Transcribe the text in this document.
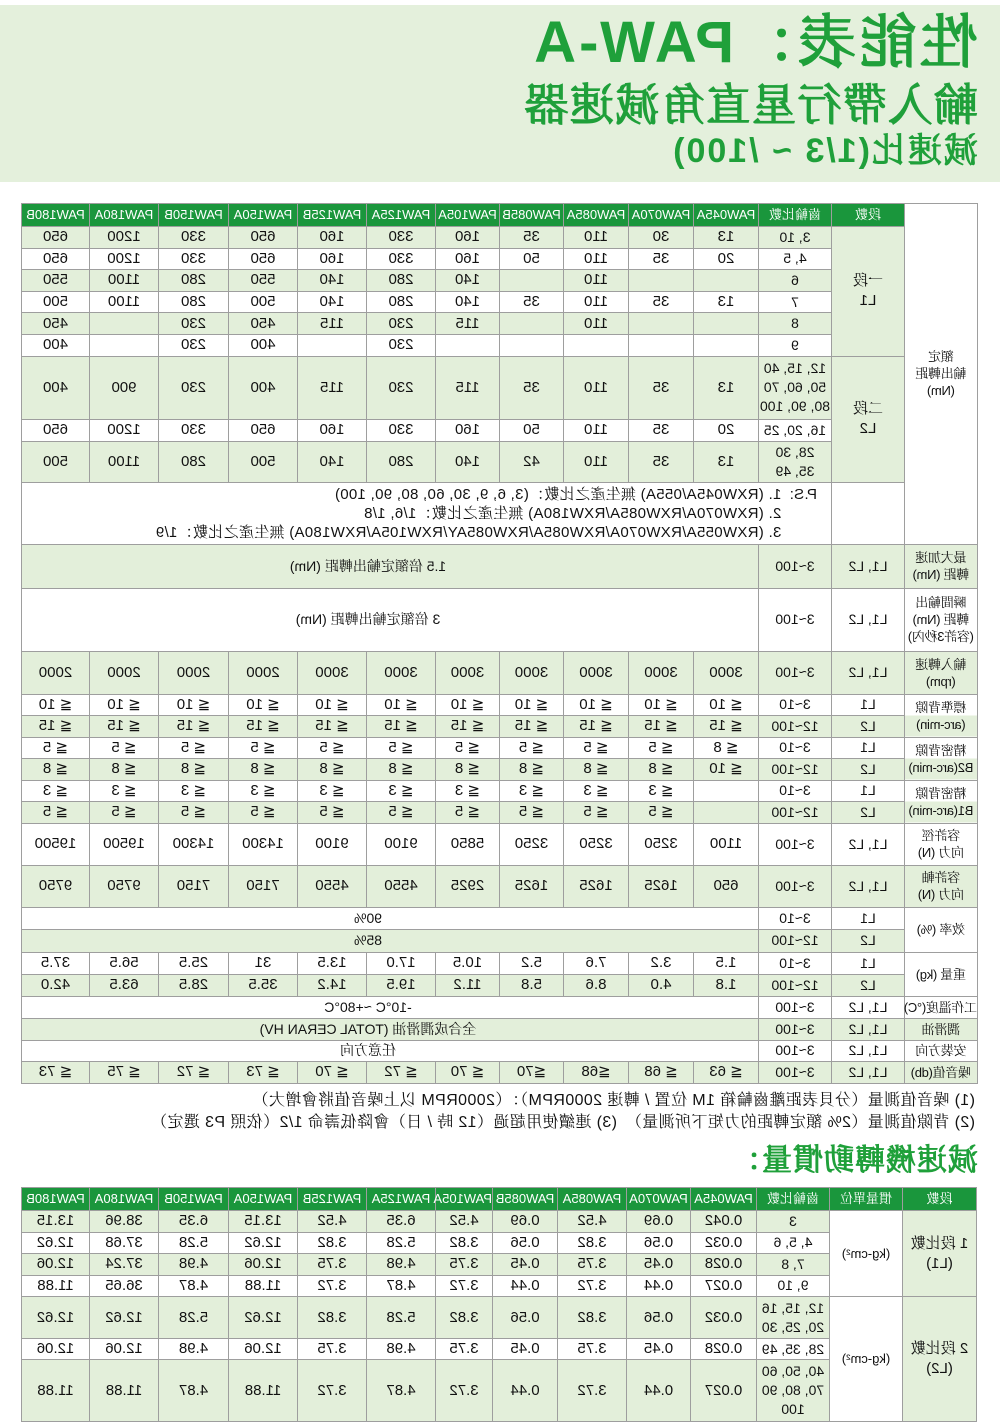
性能表：PAW-A
輸入帶行星直角減速器
減速比(1/3 ~ /100)
額定
輸出轉距
(Nm)	段數	齒輪比數	PAW045A	PAW070A	PAW085A	PAW085B	PAW105A	PAW125A	PAW125B	PAW150A	PAW150B	PAW180A	PAW180B

	一段
L1	3, 10	13	30	110	35	160	330	160	650	330	1200	650

		4, 5	20	35	110	50	160	330	160	650	330	1200	650

		6			110		140	280	140	550	280	1100	550

		7	13	35	110	35	140	280	140	500	280	1100	500

		8			110		115	230	115	450	230		450

		9						230		400	230		400

	二段
L2	12, 15, 40
50, 60, 70
80, 90, 100	13	35	110	35	115	230	115	400	230	900	400

		16, 20, 25	20	35	110	50	160	330	160	650	330	1200	650

		28, 30
35, 49	13	35	110	42	140	280	140	500	280	1100	500

		P.S:
1. (RXW045A/055A) 無生產之比數：(3, 6, 9, 30, 60, 80, 90, 100)
2. (RXW070A/RXW085A/RXW180A) 無生產之比數：1/6, 1/8
3. (RXW055A/RXW070A/RXW085A/RXW085AY/RXW105A/RXW180A) 無生產之比數：1/9											

最大加速
轉距 (Nm)	L1, L2	3~100	1.5 倍額定輸出轉距 (Nm)										

瞬間輸出
轉距 (Nm)
(容許3秒內)	L1, L2	3~100	3 倍額定輸出轉距 (Nm)										

輸入轉速
(rpm)	L1, L2	3~100	3000	3000	3000	3000	3000	3000	3000	2000	2000	2000	2000

標準背隙
(arc-min)	L1	3~10	≦ 10	≦ 10	≦ 10	≦ 10	≦ 10	≦ 10	≦ 10	≦ 10	≦ 10	≦ 10	≦ 10
	L2	12~100	≦ 15	≦ 15	≦ 15	≦ 15	≦ 15	≦ 15	≦ 15	≦ 15	≦ 15	≦ 15	≦ 15

精密背隙
B2(arc-min)	L1	3~10	≦ 8	≦ 5	≦ 5	≦ 5	≦ 5	≦ 5	≦ 5	≦ 5	≦ 5	≦ 5	≦ 5
	L2	12~100	≦ 10	≦ 8	≦ 8	≦ 8	≦ 8	≦ 8	≦ 8	≦ 8	≦ 8	≦ 8	≦ 8

精密背隙
B1(arc-min)	L1	3~10		≦ 3	≦ 3	≦ 3	≦ 3	≦ 3	≦ 3	≦ 3	≦ 3	≦ 3	≦ 3
	L2	12~100		≦ 5	≦ 5	≦ 5	≦ 5	≦ 5	≦ 5	≦ 5	≦ 5	≦ 5	≦ 5

容許徑
向力 (N)	L1, L2	3~100	1100	3250	3250	3250	5850	9100	9100	14300	14300	19500	19500

容許軸
向力 (N)	L1, L2	3~100	650	1625	1625	1625	2925	4550	4550	7150	7150	9750	9750

效率 (%)	L1	3~10	90%										
	L2	12~100	85%										

重量 (kg)	L1	3~10	1.5	3.2	7.6	5.2	10.5	17.0	13.5	31	25.5	56.5	37.5
	L2	12~100	1.8	4.0	8.6	5.8	11.2	19.5	14.2	35.5	28.5	63.5	42.0

工作溫度(°C)	L1, L2	3~100	-10°C ~+80°C										

潤滑油	L1, L2	3~100	全合成潤滑油 (TOTAL CERAN HV)										

安裝方向	L1, L2	3~100	任意方向										

噪音值(db)	L1, L2	3~100	≦ 63	≦ 68	≦68	≦70	≦ 70	≦ 72	≦ 70	≦ 73	≦ 72	≦ 75	≦ 73
(1) 噪音值測量（分貝表距離齒輪箱 1M 位置 / 轉速 2000RPM）：（2000RPM 以上噪音值將會增大）
(2) 背隙值測量（2% 額定轉距的力矩下所測量）　(3) 連續使用超過（12 時 / 日）會降低壽命 1/2（依照 P3 選定）
減速機轉動慣量：
段數	慣量單位	齒輪比數	PAW045A	PAW070A	PAW085A	PAW085B	PAW105A	PAW125A	PAW125B	PAW150A	PAW150B	PAW180A	PAW180B

1 段比數
(L1)	(kg-cm²)	3	0.042	0.69	4.52	0.69	4.52	6.35	4.52	13.15	6.35	38.96	13.15

		4, 5, 6	0.032	0.56	3.82	0.56	3.82	5.28	3.82	12.62	5.28	37.68	12.62

		7, 8	0.028	0.45	3.75	0.45	3.75	4.98	3.75	12.06	4.98	37.24	12.06

		9, 10	0.027	0.44	3.72	0.44	3.72	4.87	3.72	11.88	4.87	36.65	11.88

2 段比數
(L2)	(kg-cm²)	12, 15, 16
20, 25, 30	0.032	0.56	3.82	0.56	3.82	5.28	3.82	12.62	5.28	12.62	12.62

		28, 35, 49	0.028	0.45	3.75	0.45	3.75	4.98	3.75	12.06	4.98	12.06	12.06

		40, 50, 60
70, 80, 90
100	0.027	0.44	3.72	0.44	3.72	4.87	3.72	11.88	4.87	11.88	11.88
